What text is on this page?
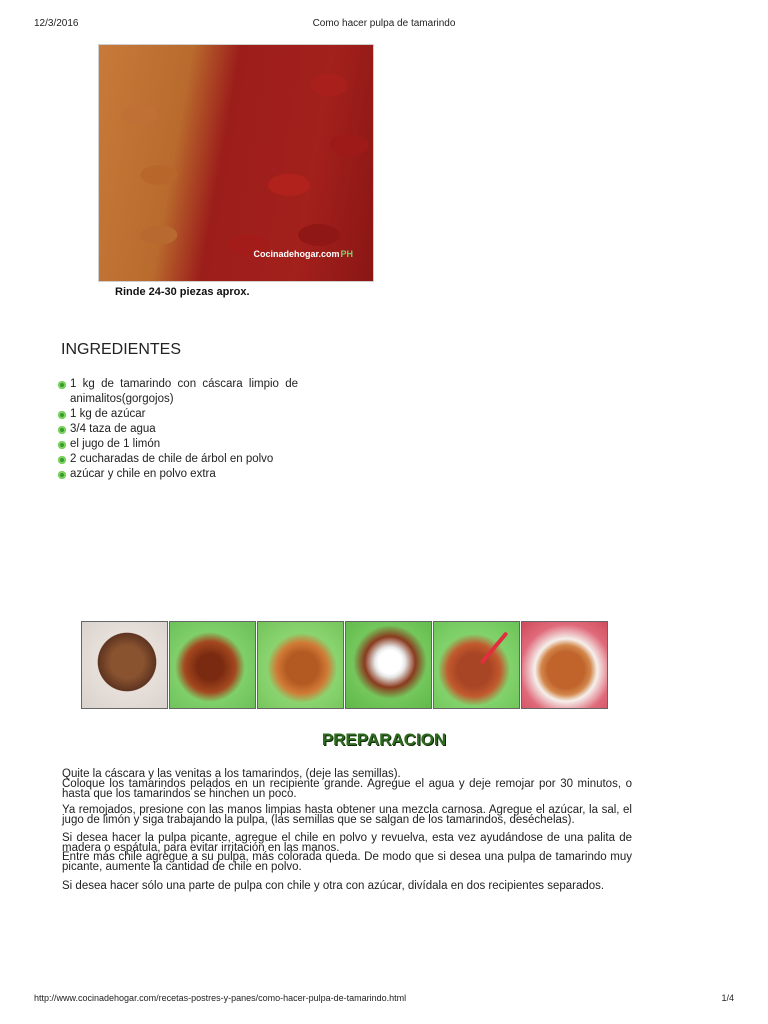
12/3/2016	Como hacer pulpa de tamarindo
Cocinadehogar.comPH
Rinde 24-30 piezas aprox.
INGREDIENTES
1 kg de tamarindo con cáscara limpio de animalitos(gorgojos)
1 kg de azúcar
3/4 taza de agua
el jugo de 1 limón
2 cucharadas de chile de árbol en polvo
azúcar y chile en polvo extra
PREPARACION

Quite la cáscara y las venitas a los tamarindos, (deje las semillas).

Coloque los tamarindos pelados en un recipiente grande. Agregue el agua y deje remojar por 30 minutos, o hasta que los tamarindos se hinchen un poco.

Ya remojados, presione con las manos limpias hasta obtener una mezcla carnosa. Agregue el azúcar, la sal, el jugo de limón y siga trabajando la pulpa, (las semillas que se salgan de los tamarindos, deséchelas).

Si desea hacer la pulpa picante, agregue el chile en polvo y revuelva, esta vez ayudándose de una palita de madera o espátula, para evitar irritación en las manos.

Entre más chile agregue a su pulpa, más colorada queda. De modo que si desea una pulpa de tamarindo muy picante, aumente la cantidad de chile en polvo.

Si desea hacer sólo una parte de pulpa con chile y otra con azúcar, divídala en dos recipientes separados.

http://www.cocinadehogar.com/recetas-postres-y-panes/como-hacer-pulpa-de-tamarindo.html	1/4
